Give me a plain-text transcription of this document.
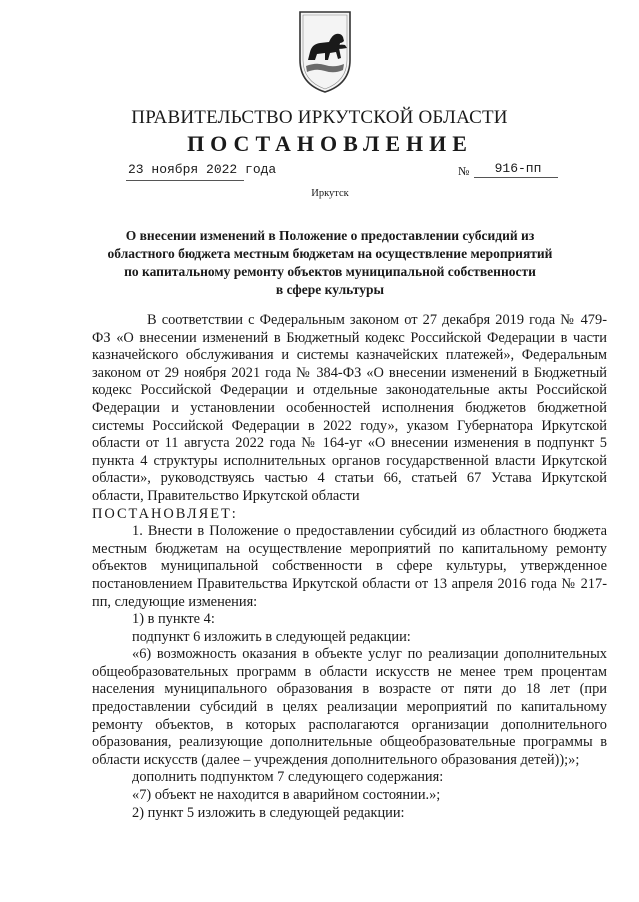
ПРАВИТЕЛЬСТВО ИРКУТСКОЙ ОБЛАСТИ
ПОСТАНОВЛЕНИЕ
23 ноября 2022 года	№	916-пп
Иркутск
О внесении изменений в Положение о предоставлении субсидий из
областного бюджета местным бюджетам на осуществление мероприятий
по капитальному ремонту объектов муниципальной собственности
в сфере культуры

В соответствии с Федеральным законом от 27 декабря 2019 года № 479-ФЗ «О внесении изменений в Бюджетный кодекс Российской Федерации в части казначейского обслуживания и системы казначейских платежей», Федеральным законом от 29 ноября 2021 года № 384-ФЗ «О внесении изменений в Бюджетный кодекс Российской Федерации и отдельные законодательные акты Российской Федерации и установлении особенностей исполнения бюджетов бюджетной системы Российской Федерации в 2022 году», указом Губернатора Иркутской области от 11 августа 2022 года № 164-уг «О внесении изменения в подпункт 5 пункта 4 структуры исполнительных органов государственной власти Иркутской области», руководствуясь частью 4 статьи 66, статьей 67 Устава Иркутской области, Правительство Иркутской области

ПОСТАНОВЛЯЕТ:

1. Внести в Положение о предоставлении субсидий из областного бюджета местным бюджетам на осуществление мероприятий по капитальному ремонту объектов муниципальной собственности в сфере культуры, утвержденное постановлением Правительства Иркутской области от 13 апреля 2016 года № 217-пп, следующие изменения:

1) в пункте 4:

подпункт 6 изложить в следующей редакции:

«6) возможность оказания в объекте услуг по реализации дополнительных общеобразовательных программ в области искусств не менее трем процентам населения муниципального образования в возрасте от пяти до 18 лет (при предоставлении субсидий в целях реализации мероприятий по капитальному ремонту объектов, в которых располагаются организации дополнительного образования, реализующие дополнительные общеобразовательные программы в области искусств (далее – учреждения дополнительного образования детей));»;

дополнить подпунктом 7 следующего содержания:

«7) объект не находится в аварийном состоянии.»;

2) пункт 5 изложить в следующей редакции:
